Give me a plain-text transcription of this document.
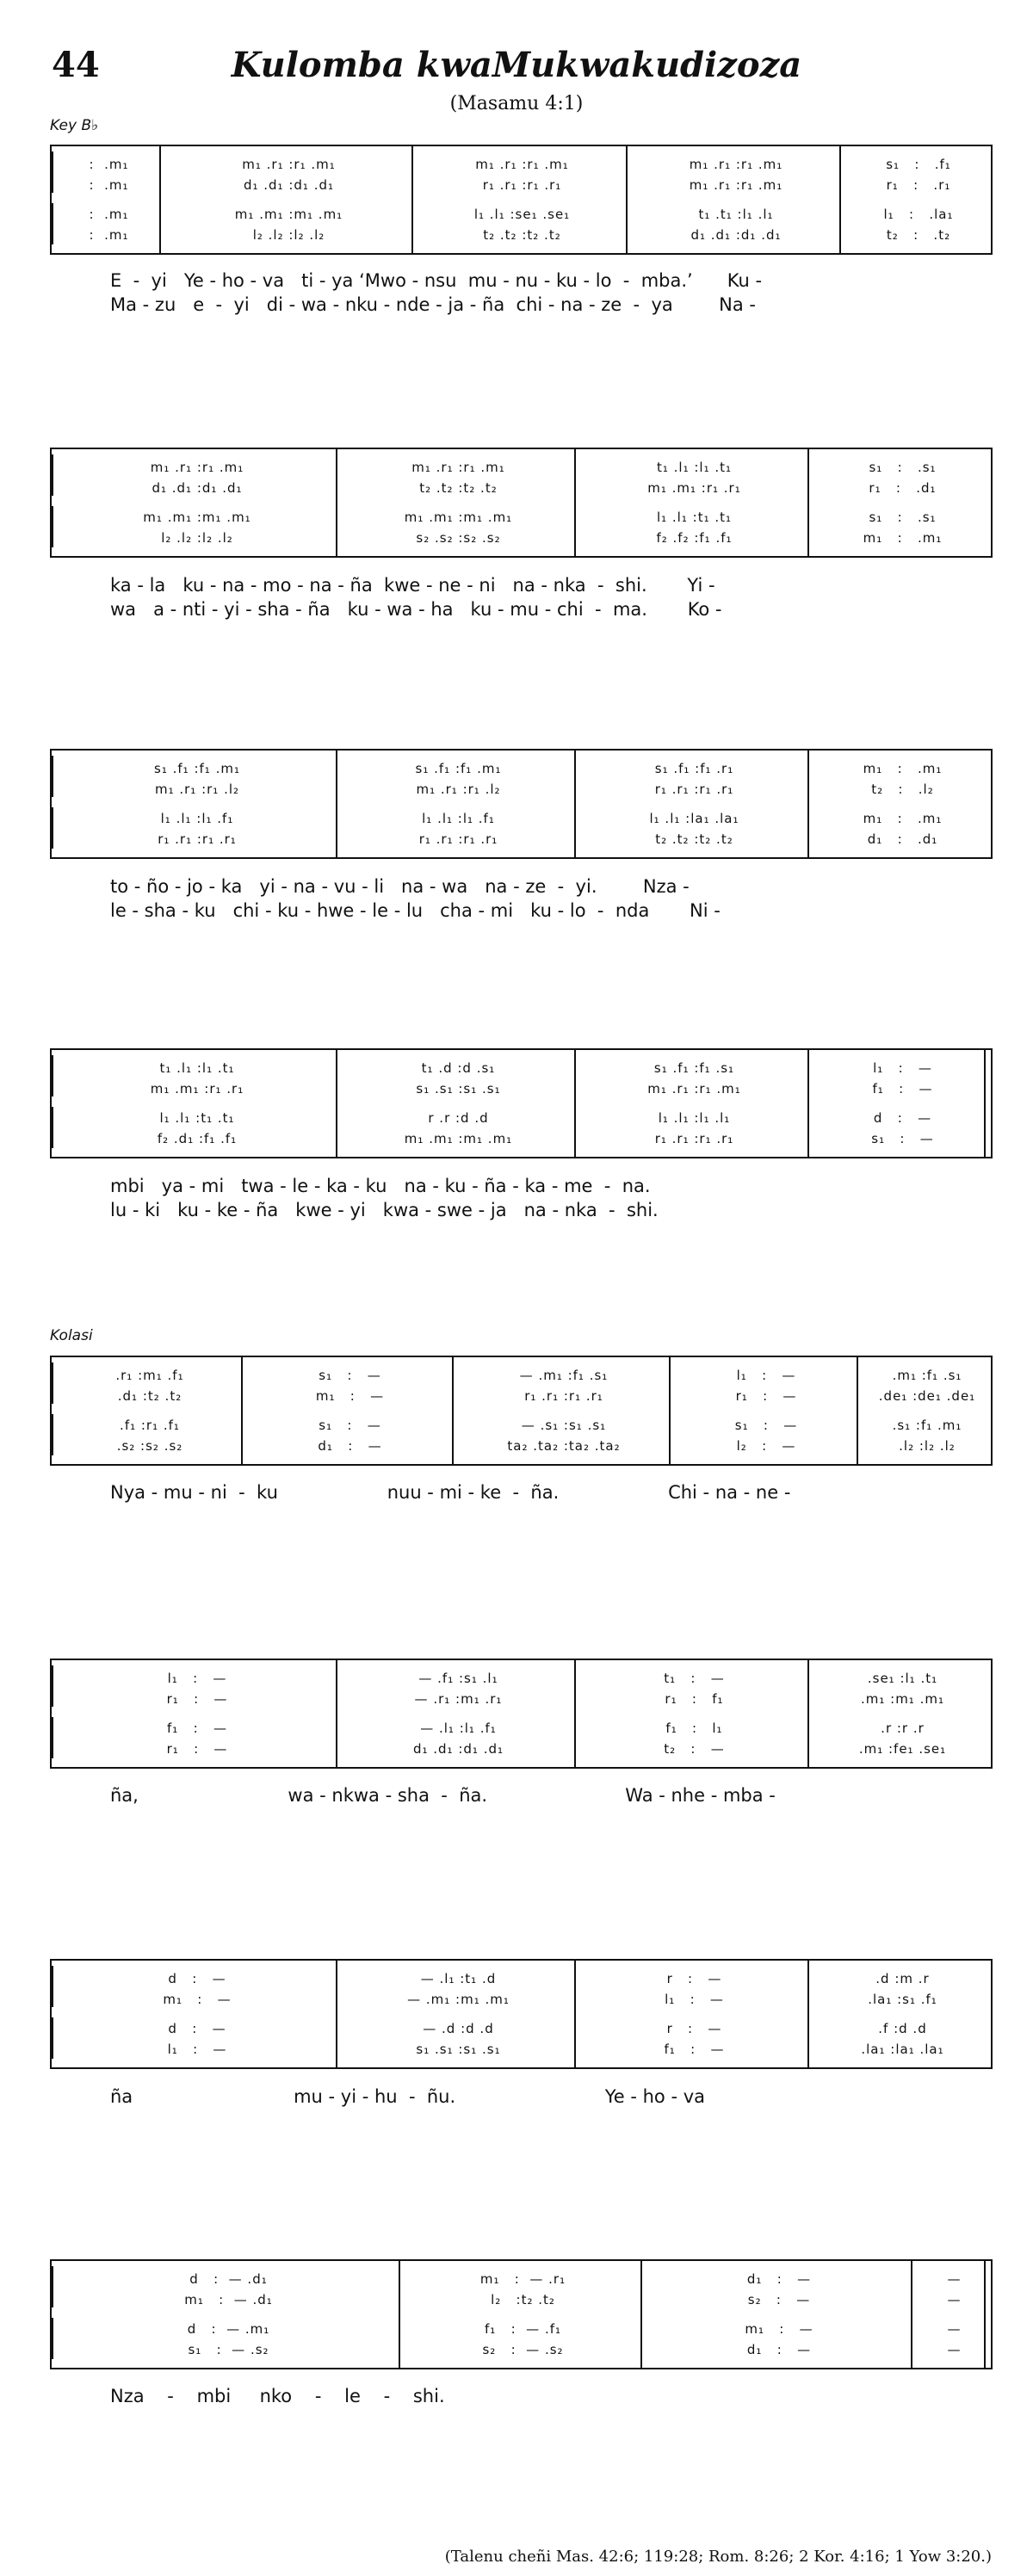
44	Kulomba kwaMukwakudizoza
(Masamu 4:1)
Key B♭
Kolasi
:  .m₁	m₁ .r₁ :r₁ .m₁	m₁ .r₁ :r₁ .m₁	m₁ .r₁ :r₁ .m₁	s₁   :   .f₁
:  .m₁	d₁ .d₁ :d₁ .d₁	r₁ .r₁ :r₁ .r₁	m₁ .r₁ :r₁ .m₁	r₁   :   .r₁
:  .m₁	m₁ .m₁ :m₁ .m₁	l₁ .l₁ :se₁ .se₁	t₁ .t₁ :l₁ .l₁	l₁   :   .la₁
:  .m₁	l₂ .l₂ :l₂ .l₂	t₂ .t₂ :t₂ .t₂	d₁ .d₁ :d₁ .d₁	t₂   :   .t₂
E  -  yi   Ye - ho - va   ti - ya ‘Mwo - nsu  mu - nu - ku - lo  -  mba.’      Ku -
Ma - zu   e  -  yi   di - wa - nku - nde - ja - ña  chi - na - ze  -  ya        Na -
m₁ .r₁ :r₁ .m₁	m₁ .r₁ :r₁ .m₁	t₁ .l₁ :l₁ .t₁	s₁   :   .s₁
d₁ .d₁ :d₁ .d₁	t₂ .t₂ :t₂ .t₂	m₁ .m₁ :r₁ .r₁	r₁   :   .d₁
m₁ .m₁ :m₁ .m₁	m₁ .m₁ :m₁ .m₁	l₁ .l₁ :t₁ .t₁	s₁   :   .s₁
l₂ .l₂ :l₂ .l₂	s₂ .s₂ :s₂ .s₂	f₂ .f₂ :f₁ .f₁	m₁   :   .m₁
ka - la   ku - na - mo - na - ña  kwe - ne - ni   na - nka  -  shi.       Yi -
wa   a - nti - yi - sha - ña   ku - wa - ha   ku - mu - chi  -  ma.       Ko -
s₁ .f₁ :f₁ .m₁	s₁ .f₁ :f₁ .m₁	s₁ .f₁ :f₁ .r₁	m₁   :   .m₁
m₁ .r₁ :r₁ .l₂	m₁ .r₁ :r₁ .l₂	r₁ .r₁ :r₁ .r₁	t₂   :   .l₂
l₁ .l₁ :l₁ .f₁	l₁ .l₁ :l₁ .f₁	l₁ .l₁ :la₁ .la₁	m₁   :   .m₁
r₁ .r₁ :r₁ .r₁	r₁ .r₁ :r₁ .r₁	t₂ .t₂ :t₂ .t₂	d₁   :   .d₁
to - ño - jo - ka   yi - na - vu - li   na - wa   na - ze  -  yi.        Nza -
le - sha - ku   chi - ku - hwe - le - lu   cha - mi   ku - lo  -  nda       Ni -
t₁ .l₁ :l₁ .t₁	t₁ .d :d .s₁	s₁ .f₁ :f₁ .s₁	l₁   :   —
m₁ .m₁ :r₁ .r₁	s₁ .s₁ :s₁ .s₁	m₁ .r₁ :r₁ .m₁	f₁   :   —
l₁ .l₁ :t₁ .t₁	r .r :d .d	l₁ .l₁ :l₁ .l₁	d   :   —
f₂ .d₁ :f₁ .f₁	m₁ .m₁ :m₁ .m₁	r₁ .r₁ :r₁ .r₁	s₁   :   —
mbi   ya - mi   twa - le - ka - ku   na - ku - ña - ka - me  -  na.
lu - ki   ku - ke - ña   kwe - yi   kwa - swe - ja   na - nka  -  shi.
.r₁ :m₁ .f₁	s₁   :   —	— .m₁ :f₁ .s₁	l₁   :   —	.m₁ :f₁ .s₁
.d₁ :t₂ .t₂	m₁   :   —	r₁ .r₁ :r₁ .r₁	r₁   :   —	.de₁ :de₁ .de₁
.f₁ :r₁ .f₁	s₁   :   —	— .s₁ :s₁ .s₁	s₁   :   —	.s₁ :f₁ .m₁
.s₂ :s₂ .s₂	d₁   :   —	ta₂ .ta₂ :ta₂ .ta₂	l₂   :   —	.l₂ :l₂ .l₂
Nya - mu - ni  -  ku                   nuu - mi - ke  -  ña.                   Chi - na - ne -
l₁   :   —	— .f₁ :s₁ .l₁	t₁   :   —	.se₁ :l₁ .t₁
r₁   :   —	— .r₁ :m₁ .r₁	r₁   :   f₁	.m₁ :m₁ .m₁
f₁   :   —	— .l₁ :l₁ .f₁	f₁   :   l₁	.r :r .r
r₁   :   —	d₁ .d₁ :d₁ .d₁	t₂   :   —	.m₁ :fe₁ .se₁
ña,                          wa - nkwa - sha  -  ña.                        Wa - nhe - mba -
d   :   —	— .l₁ :t₁ .d	r   :   —	.d :m .r
m₁   :   —	— .m₁ :m₁ .m₁	l₁   :   —	.la₁ :s₁ .f₁
d   :   —	— .d :d .d	r   :   —	.f :d .d
l₁   :   —	s₁ .s₁ :s₁ .s₁	f₁   :   —	.la₁ :la₁ .la₁
ña                            mu - yi - hu  -  ñu.                          Ye - ho - va
d   :  — .d₁	m₁   :  — .r₁	d₁   :   —	—
m₁   :  — .d₁	l₂   :t₂ .t₂	s₂   :   —	—
d   :  — .m₁	f₁   :  — .f₁	m₁   :   —	—
s₁   :  — .s₂	s₂   :  — .s₂	d₁   :   —	—
Nza    -    mbi     nko    -    le    -    shi.
(Talenu cheñi Mas. 42:6; 119:28; Rom. 8:26; 2 Kor. 4:16; 1 Yow 3:20.)
